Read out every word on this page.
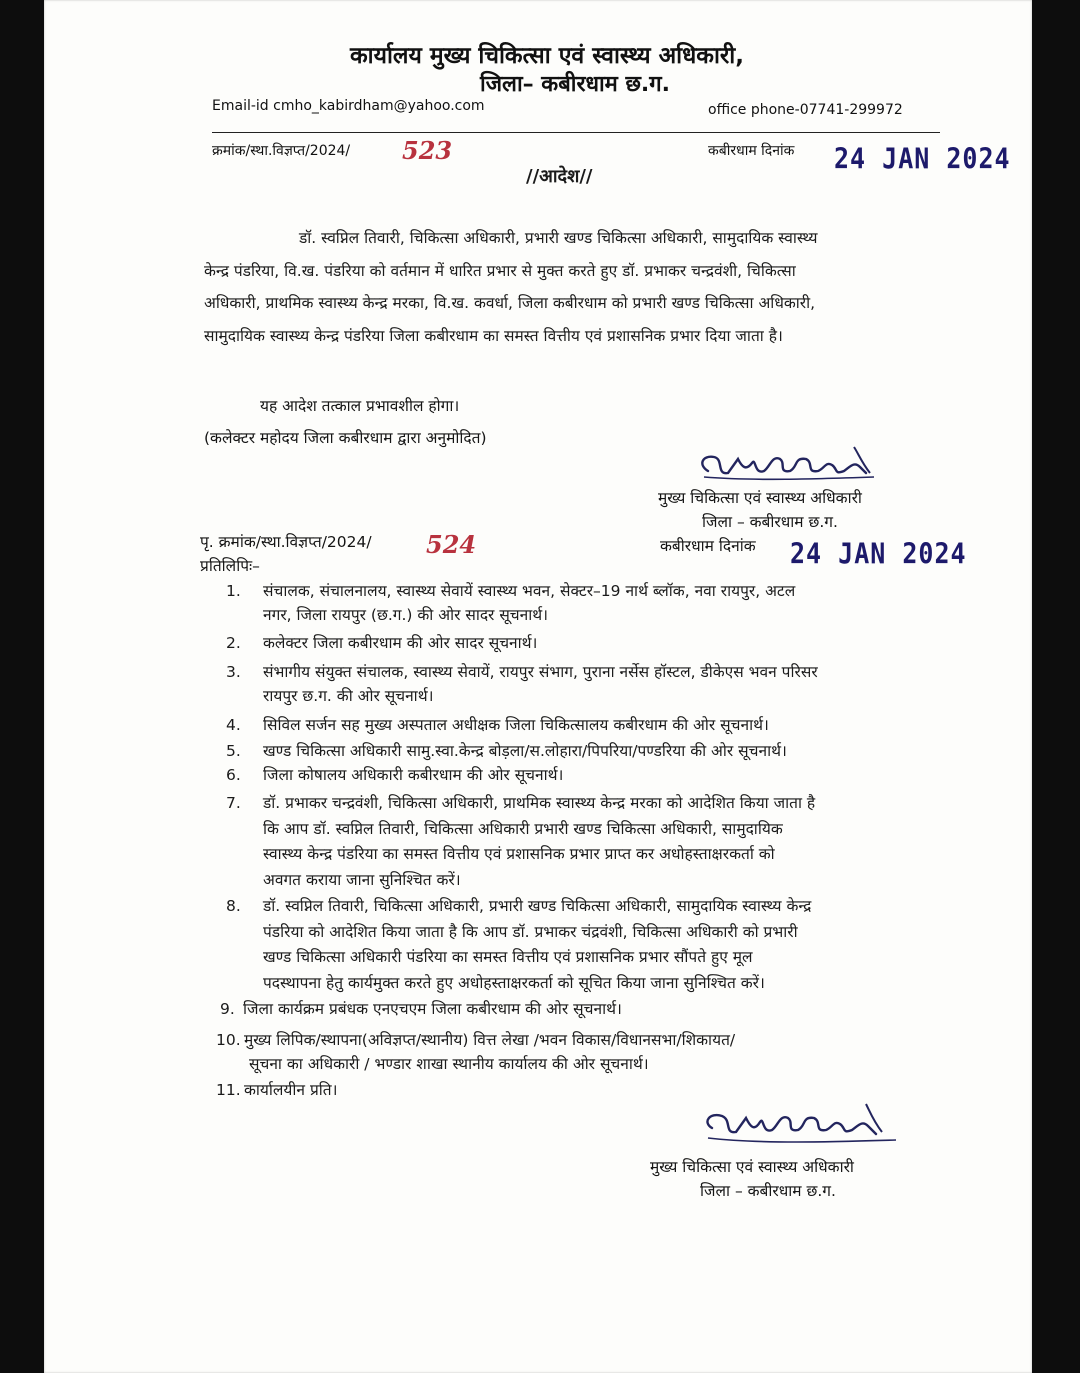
कार्यालय मुख्य चिकित्सा एवं स्वास्थ्य अधिकारी,
जिला– कबीरधाम छ.ग.
Email-id cmho_kabirdham@yahoo.com	office phone-07741-299972
क्रमांक/स्था.विज्ञप्त/2024/ 523	कबीरधाम दिनांक 24 JAN 2024
//आदेश//
डॉ. स्वप्निल तिवारी, चिकित्सा अधिकारी, प्रभारी खण्ड चिकित्सा अधिकारी, सामुदायिक स्वास्थ्य
केन्द्र पंडरिया, वि.ख. पंडरिया को वर्तमान में धारित प्रभार से मुक्त करते हुए डॉ. प्रभाकर चन्द्रवंशी, चिकित्सा
अधिकारी, प्राथमिक स्वास्थ्य केन्द्र मरका, वि.ख. कवर्धा, जिला कबीरधाम को प्रभारी खण्ड चिकित्सा अधिकारी,
सामुदायिक स्वास्थ्य केन्द्र पंडरिया जिला कबीरधाम का समस्त वित्तीय एवं प्रशासनिक प्रभार दिया जाता है।
यह आदेश तत्काल प्रभावशील होगा।
(कलेक्टर महोदय जिला कबीरधाम द्वारा अनुमोदित)
मुख्य चिकित्सा एवं स्वास्थ्य अधिकारी
जिला – कबीरधाम छ.ग.
पृ. क्रमांक/स्था.विज्ञप्त/2024/ 524
प्रतिलिपिः–
कबीरधाम दिनांक 24 JAN 2024
1. संचालक, संचालनालय, स्वास्थ्य सेवायें स्वास्थ्य भवन, सेक्टर–19 नार्थ ब्लॉक, नवा रायपुर, अटल
नगर, जिला रायपुर (छ.ग.) की ओर सादर सूचनार्थ।
2. कलेक्टर जिला कबीरधाम की ओर सादर सूचनार्थ।
3. संभागीय संयुक्त संचालक, स्वास्थ्य सेवायें, रायपुर संभाग, पुराना नर्सेस हॉस्टल, डीकेएस भवन परिसर
रायपुर छ.ग. की ओर सूचनार्थ।
4. सिविल सर्जन सह मुख्य अस्पताल अधीक्षक जिला चिकित्सालय कबीरधाम की ओर सूचनार्थ।
5. खण्ड चिकित्सा अधिकारी सामु.स्वा.केन्द्र बोड़ला/स.लोहारा/पिपरिया/पण्डरिया की ओर सूचनार्थ।
6. जिला कोषालय अधिकारी कबीरधाम की ओर सूचनार्थ।
7. डॉ. प्रभाकर चन्द्रवंशी, चिकित्सा अधिकारी, प्राथमिक स्वास्थ्य केन्द्र मरका को आदेशित किया जाता है
कि आप डॉ. स्वप्निल तिवारी, चिकित्सा अधिकारी प्रभारी खण्ड चिकित्सा अधिकारी, सामुदायिक
स्वास्थ्य केन्द्र पंडरिया का समस्त वित्तीय एवं प्रशासनिक प्रभार प्राप्त कर अधोहस्ताक्षरकर्ता को
अवगत कराया जाना सुनिश्चित करें।
8. डॉ. स्वप्निल तिवारी, चिकित्सा अधिकारी, प्रभारी खण्ड चिकित्सा अधिकारी, सामुदायिक स्वास्थ्य केन्द्र
पंडरिया को आदेशित किया जाता है कि आप डॉ. प्रभाकर चंद्रवंशी, चिकित्सा अधिकारी को प्रभारी
खण्ड चिकित्सा अधिकारी पंडरिया का समस्त वित्तीय एवं प्रशासनिक प्रभार सौंपते हुए मूल
पदस्थापना हेतु कार्यमुक्त करते हुए अधोहस्ताक्षरकर्ता को सूचित किया जाना सुनिश्चित करें।
9. जिला कार्यक्रम प्रबंधक एनएचएम जिला कबीरधाम की ओर सूचनार्थ।
10. मुख्य लिपिक/स्थापना(अविज्ञप्त/स्थानीय) वित्त लेखा /भवन विकास/विधानसभा/शिकायत/
सूचना का अधिकारी / भण्डार शाखा स्थानीय कार्यालय की ओर सूचनार्थ।
11. कार्यालयीन प्रति।
मुख्य चिकित्सा एवं स्वास्थ्य अधिकारी
जिला – कबीरधाम छ.ग.
